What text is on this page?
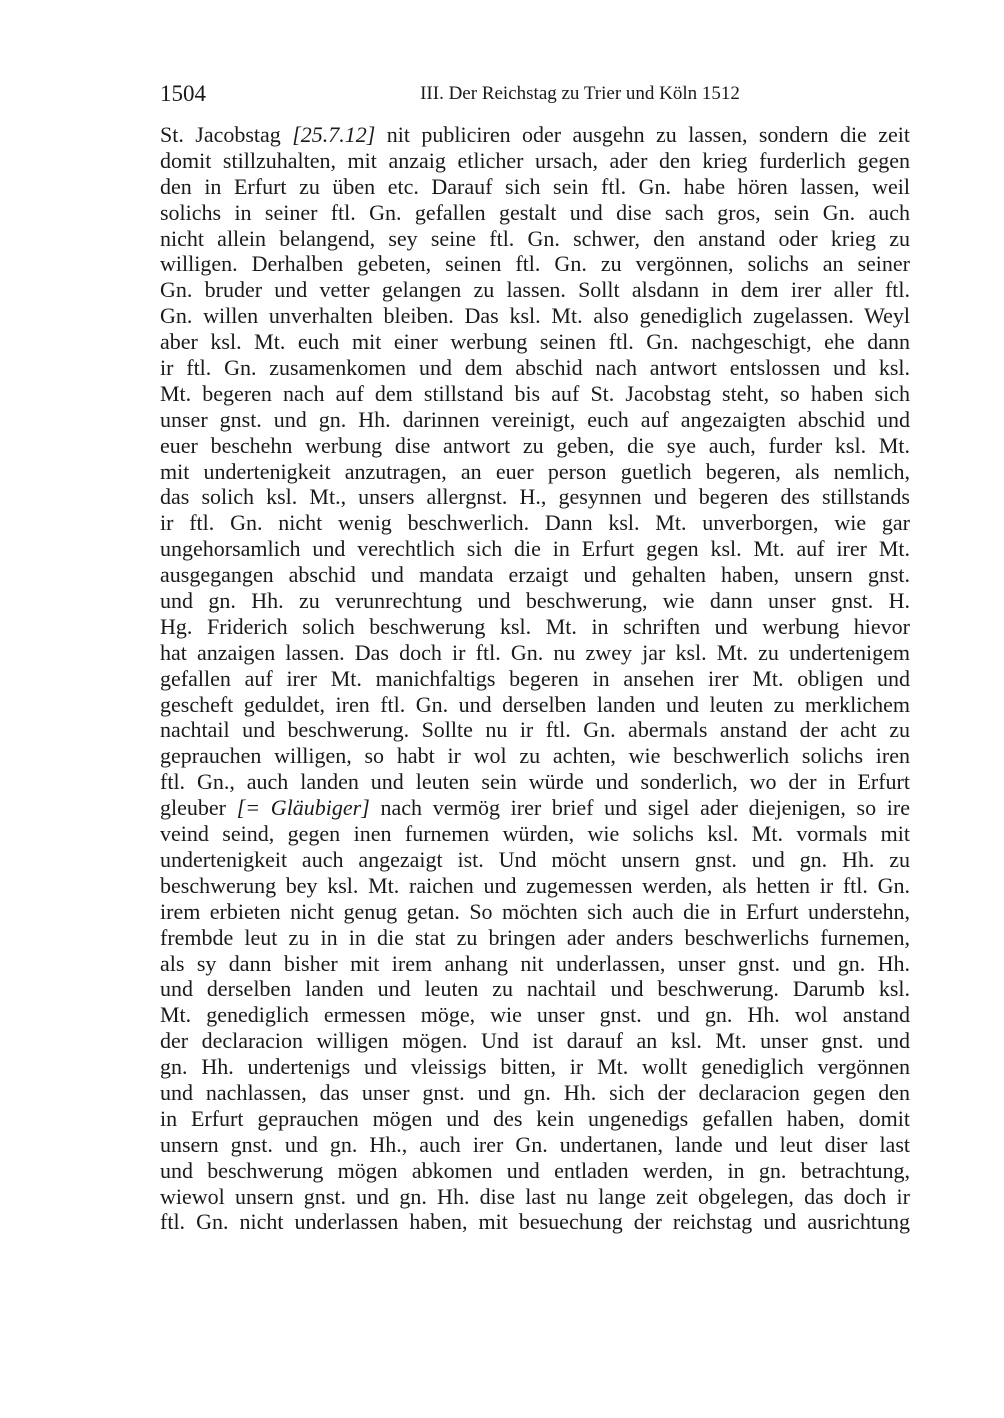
1504	III. Der Reichstag zu Trier und Köln 1512
St. Jacobstag [25.7.12] nit publiciren oder ausgehn zu lassen, sondern die zeit
domit stillzuhalten, mit anzaig etlicher ursach, ader den krieg furderlich gegen
den in Erfurt zu üben etc. Darauf sich sein ftl. Gn. habe hören lassen, weil
solichs in seiner ftl. Gn. gefallen gestalt und dise sach gros, sein Gn. auch
nicht allein belangend, sey seine ftl. Gn. schwer, den anstand oder krieg zu
willigen. Derhalben gebeten, seinen ftl. Gn. zu vergönnen, solichs an seiner
Gn. bruder und vetter gelangen zu lassen. Sollt alsdann in dem irer aller ftl.
Gn. willen unverhalten bleiben. Das ksl. Mt. also genediglich zugelassen. Weyl
aber ksl. Mt. euch mit einer werbung seinen ftl. Gn. nachgeschigt, ehe dann
ir ftl. Gn. zusamenkomen und dem abschid nach antwort entslossen und ksl.
Mt. begeren nach auf dem stillstand bis auf St. Jacobstag steht, so haben sich
unser gnst. und gn. Hh. darinnen vereinigt, euch auf angezaigten abschid und
euer beschehn werbung dise antwort zu geben, die sye auch, furder ksl. Mt.
mit undertenigkeit anzutragen, an euer person guetlich begeren, als nemlich,
das solich ksl. Mt., unsers allergnst. H., gesynnen und begeren des stillstands
ir ftl. Gn. nicht wenig beschwerlich. Dann ksl. Mt. unverborgen, wie gar
ungehorsamlich und verechtlich sich die in Erfurt gegen ksl. Mt. auf irer Mt.
ausgegangen abschid und mandata erzaigt und gehalten haben, unsern gnst.
und gn. Hh. zu verunrechtung und beschwerung, wie dann unser gnst. H.
Hg. Friderich solich beschwerung ksl. Mt. in schriften und werbung hievor
hat anzaigen lassen. Das doch ir ftl. Gn. nu zwey jar ksl. Mt. zu undertenigem
gefallen auf irer Mt. manichfaltigs begeren in ansehen irer Mt. obligen und
gescheft geduldet, iren ftl. Gn. und derselben landen und leuten zu merklichem
nachtail und beschwerung. Sollte nu ir ftl. Gn. abermals anstand der acht zu
geprauchen willigen, so habt ir wol zu achten, wie beschwerlich solichs iren
ftl. Gn., auch landen und leuten sein würde und sonderlich, wo der in Erfurt
gleuber [= Gläubiger] nach vermög irer brief und sigel ader diejenigen, so ire
veind seind, gegen inen furnemen würden, wie solichs ksl. Mt. vormals mit
undertenigkeit auch angezaigt ist. Und möcht unsern gnst. und gn. Hh. zu
beschwerung bey ksl. Mt. raichen und zugemessen werden, als hetten ir ftl. Gn.
irem erbieten nicht genug getan. So möchten sich auch die in Erfurt understehn,
frembde leut zu in in die stat zu bringen ader anders beschwerlichs furnemen,
als sy dann bisher mit irem anhang nit underlassen, unser gnst. und gn. Hh.
und derselben landen und leuten zu nachtail und beschwerung. Darumb ksl.
Mt. genediglich ermessen möge, wie unser gnst. und gn. Hh. wol anstand
der declaracion willigen mögen. Und ist darauf an ksl. Mt. unser gnst. und
gn. Hh. undertenigs und vleissigs bitten, ir Mt. wollt genediglich vergönnen
und nachlassen, das unser gnst. und gn. Hh. sich der declaracion gegen den
in Erfurt geprauchen mögen und des kein ungenedigs gefallen haben, domit
unsern gnst. und gn. Hh., auch irer Gn. undertanen, lande und leut diser last
und beschwerung mögen abkomen und entladen werden, in gn. betrachtung,
wiewol unsern gnst. und gn. Hh. dise last nu lange zeit obgelegen, das doch ir
ftl. Gn. nicht underlassen haben, mit besuechung der reichstag und ausrichtung
